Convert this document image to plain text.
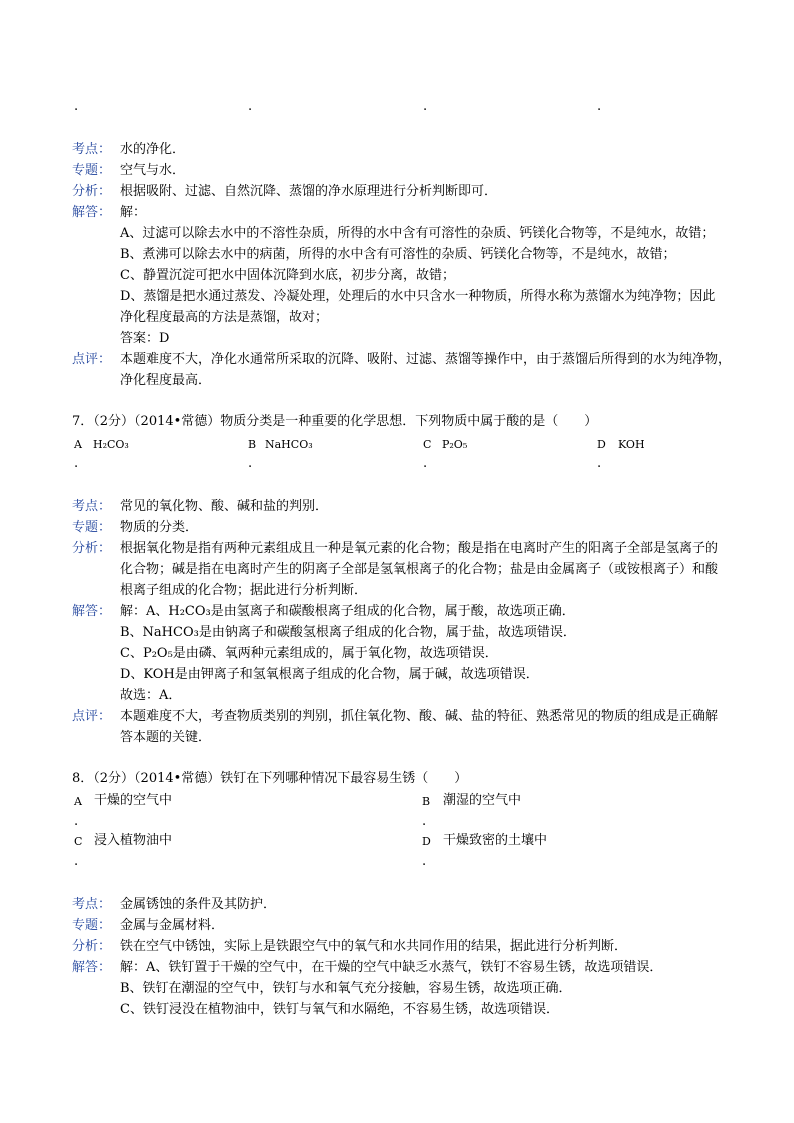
.	.	.	.
考点： 水的净化．
专题： 空气与水．
分析： 根据吸附、过滤、自然沉降、蒸馏的净水原理进行分析判断即可．
解答： 解：
A、过滤可以除去水中的不溶性杂质，所得的水中含有可溶性的杂质、钙镁化合物等，不是纯水，故错；
B、煮沸可以除去水中的病菌，所得的水中含有可溶性的杂质、钙镁化合物等，不是纯水，故错；
C、静置沉淀可把水中固体沉降到水底，初步分离，故错；
D、蒸馏是把水通过蒸发、冷凝处理，处理后的水中只含水一种物质，所得水称为蒸馏水为纯净物；因此
净化程度最高的方法是蒸馏，故对；
答案：D
点评： 本题难度不大，净化水通常所采取的沉降、吸附、过滤、蒸馏等操作中，由于蒸馏后所得到的水为纯净物，
净化程度最高．
7．（2分）（2014•常德）物质分类是一种重要的化学思想．下列物质中属于酸的是（　　）
A H₂CO₃	B NaHCO₃	C P₂O₅	D KOH
.	.	.	.
考点： 常见的氧化物、酸、碱和盐的判别．
专题： 物质的分类．
分析： 根据氧化物是指有两种元素组成且一种是氧元素的化合物；酸是指在电离时产生的阳离子全部是氢离子的
化合物；碱是指在电离时产生的阴离子全部是氢氧根离子的化合物；盐是由金属离子（或铵根离子）和酸
根离子组成的化合物；据此进行分析判断．
解答： 解：A、H₂CO₃是由氢离子和碳酸根离子组成的化合物，属于酸，故选项正确．
B、NaHCO₃是由钠离子和碳酸氢根离子组成的化合物，属于盐，故选项错误．
C、P₂O₅是由磷、氧两种元素组成的，属于氧化物，故选项错误．
D、KOH是由钾离子和氢氧根离子组成的化合物，属于碱，故选项错误．
故选：A．
点评： 本题难度不大，考查物质类别的判别，抓住氧化物、酸、碱、盐的特征、熟悉常见的物质的组成是正确解
答本题的关键．
8．（2分）（2014•常德）铁钉在下列哪种情况下最容易生锈（　　）
A 干燥的空气中	B 潮湿的空气中
.	.
C 浸入植物油中	D 干燥致密的土壤中
.	.
考点： 金属锈蚀的条件及其防护．
专题： 金属与金属材料．
分析： 铁在空气中锈蚀，实际上是铁跟空气中的氧气和水共同作用的结果，据此进行分析判断．
解答： 解：A、铁钉置于干燥的空气中，在干燥的空气中缺乏水蒸气，铁钉不容易生锈，故选项错误．
B、铁钉在潮湿的空气中，铁钉与水和氧气充分接触，容易生锈，故选项正确．
C、铁钉浸没在植物油中，铁钉与氧气和水隔绝，不容易生锈，故选项错误．
